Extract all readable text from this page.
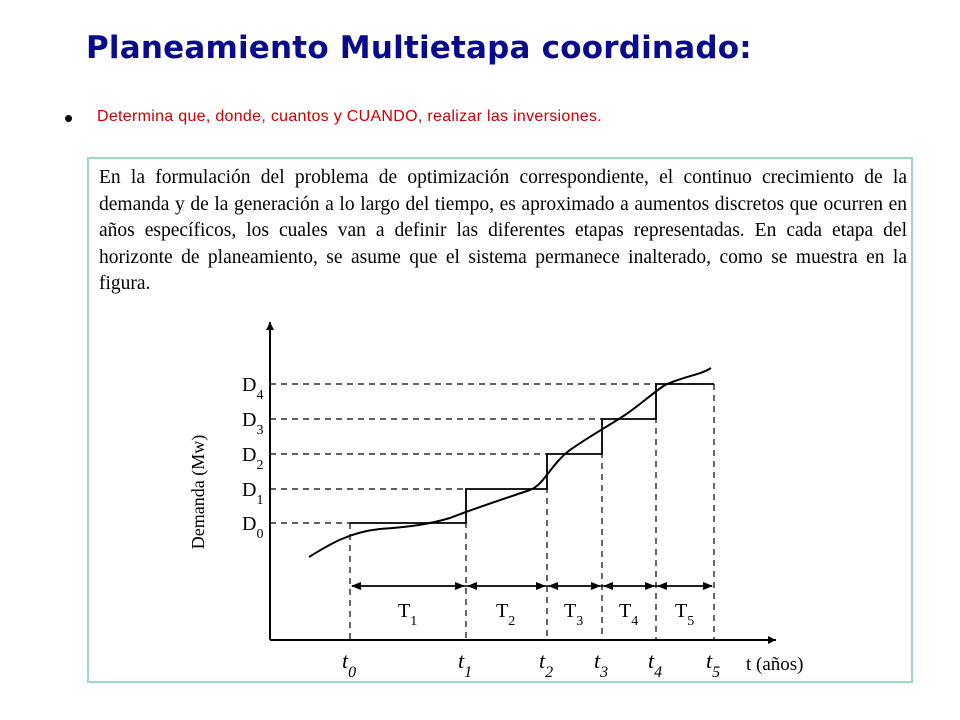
Planeamiento Multietapa coordinado:
• Determina que, donde, cuantos y CUANDO, realizar las inversiones.

En la formulación del problema de optimización correspondiente, el continuo crecimiento de la demanda y de la generación a lo largo del tiempo, es aproximado a aumentos discretos que ocurren en años específicos, los cuales van a definir las diferentes etapas representadas. En cada etapa del horizonte de planeamiento, se asume que el sistema permanece inalterado, como se muestra en la figura.

$D_0$
$D_1$
$D_2$
$D_3$
$D_4$
$t_0$	$t_1$	$t_2$ $t_3$ $t_4$ $t_5$
$T_1$	$T_2$ $T_3$ $T_4$ $T_5$
Demanda (Mw)
t (años)
